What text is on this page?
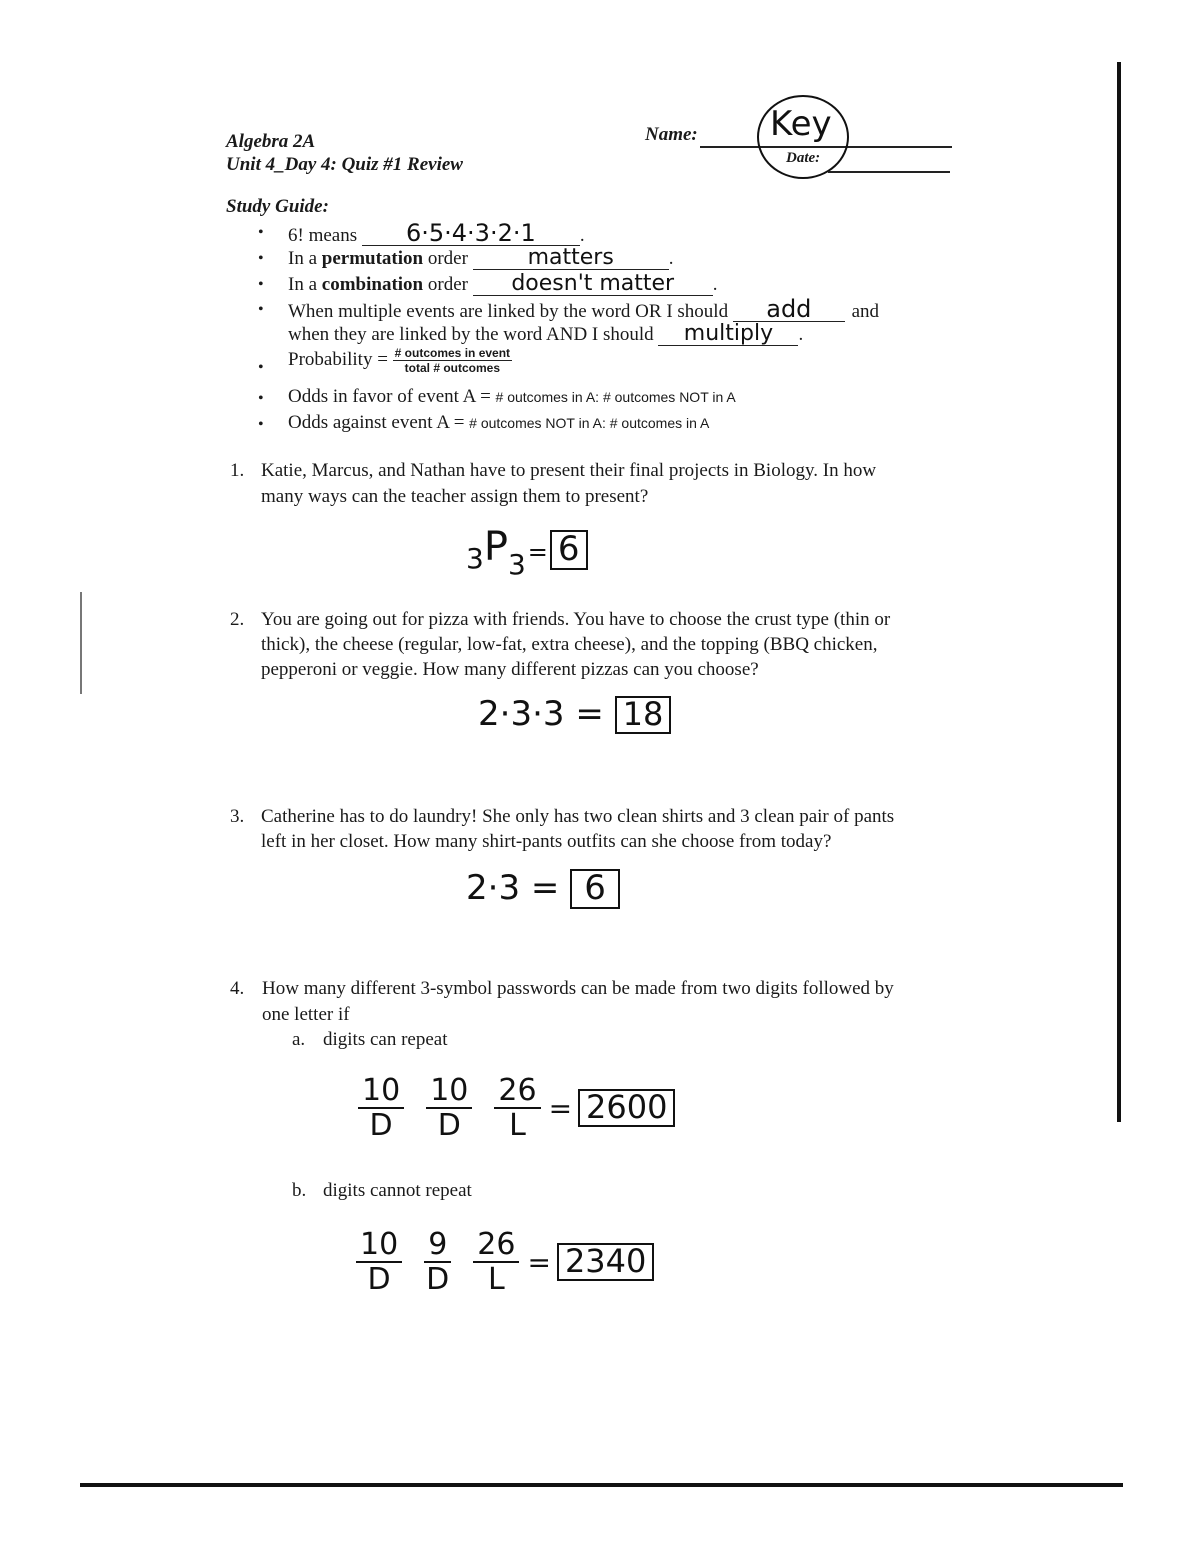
Algebra 2A
Unit 4_Day 4: Quiz #1 Review
Name: Key
Date:
Study Guide:
• 6! means 6·5·4·3·2·1 .
• In a permutation order	matters	.
• In a combination order doesn't matter .
• When multiple events are linked by the word OR I should add and
when they are linked by the word AND I should multiply .
• Probability = $\frac{\text{\# outcomes in event}}{\text{total \# outcomes}}$
• Odds in favor of event A = # outcomes in A: # outcomes NOT in A
• Odds against event A = # outcomes NOT in A: # outcomes in A
1. Katie, Marcus, and Nathan have to present their final projects in Biology. In how
many ways can the teacher assign them to present?
$_3P_3= 6$
2. You are going out for pizza with friends. You have to choose the crust type (thin or
thick), the cheese (regular, low-fat, extra cheese), and the topping (BBQ chicken,
pepperoni or veggie. How many different pizzas can you choose?
2·3·3 = 18
3. Catherine has to do laundry! She only has two clean shirts and 3 clean pair of pants
left in her closet. How many shirt-pants outfits can she choose from today?
2·3 = 6
4. How many different 3-symbol passwords can be made from two digits followed by
one letter if
a. digits can repeat
$\frac{10}{D} \frac{10}{D} \frac{26}{L} = 2600$
b. digits cannot repeat
$\frac{10}{D} \frac{9}{D} \frac{26}{L} = 2340$
